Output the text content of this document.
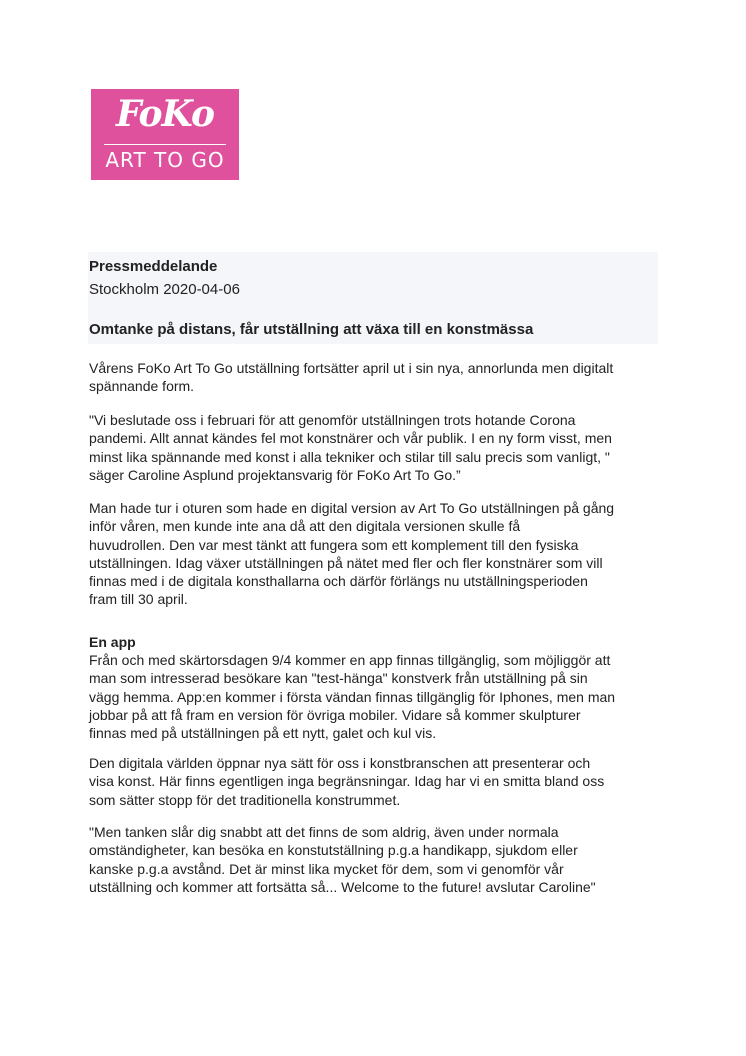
FoKo
ART TO GO
Pressmeddelande
Stockholm 2020-04-06
Omtanke på distans, får utställning att växa till en konstmässa
Vårens FoKo Art To Go utställning fortsätter april ut i sin nya, annorlunda men digitalt
spännande form.
"Vi beslutade oss i februari för att genomför utställningen trots hotande Corona
pandemi. Allt annat kändes fel mot konstnärer och vår publik. I en ny form visst, men
minst lika spännande med konst i alla tekniker och stilar till salu precis som vanligt, "
säger Caroline Asplund projektansvarig för FoKo Art To Go.”
Man hade tur i oturen som hade en digital version av Art To Go utställningen på gång
inför våren, men kunde inte ana då att den digitala versionen skulle få
huvudrollen. Den var mest tänkt att fungera som ett komplement till den fysiska
utställningen. Idag växer utställningen på nätet med fler och fler konstnärer som vill
finnas med i de digitala konsthallarna och därför förlängs nu utställningsperioden
fram till 30 april.
En app
Från och med skärtorsdagen 9/4 kommer en app finnas tillgänglig, som möjliggör att
man som intresserad besökare kan "test-hänga" konstverk från utställning på sin
vägg hemma. App:en kommer i första vändan finnas tillgänglig för Iphones, men man
jobbar på att få fram en version för övriga mobiler. Vidare så kommer skulpturer
finnas med på utställningen på ett nytt, galet och kul vis.
Den digitala världen öppnar nya sätt för oss i konstbranschen att presenterar och
visa konst. Här finns egentligen inga begränsningar. Idag har vi en smitta bland oss
som sätter stopp för det traditionella konstrummet.
"Men tanken slår dig snabbt att det finns de som aldrig, även under normala
omständigheter, kan besöka en konstutställning p.g.a handikapp, sjukdom eller
kanske p.g.a avstånd. Det är minst lika mycket för dem, som vi genomför vår
utställning och kommer att fortsätta så... Welcome to the future! avslutar Caroline"
